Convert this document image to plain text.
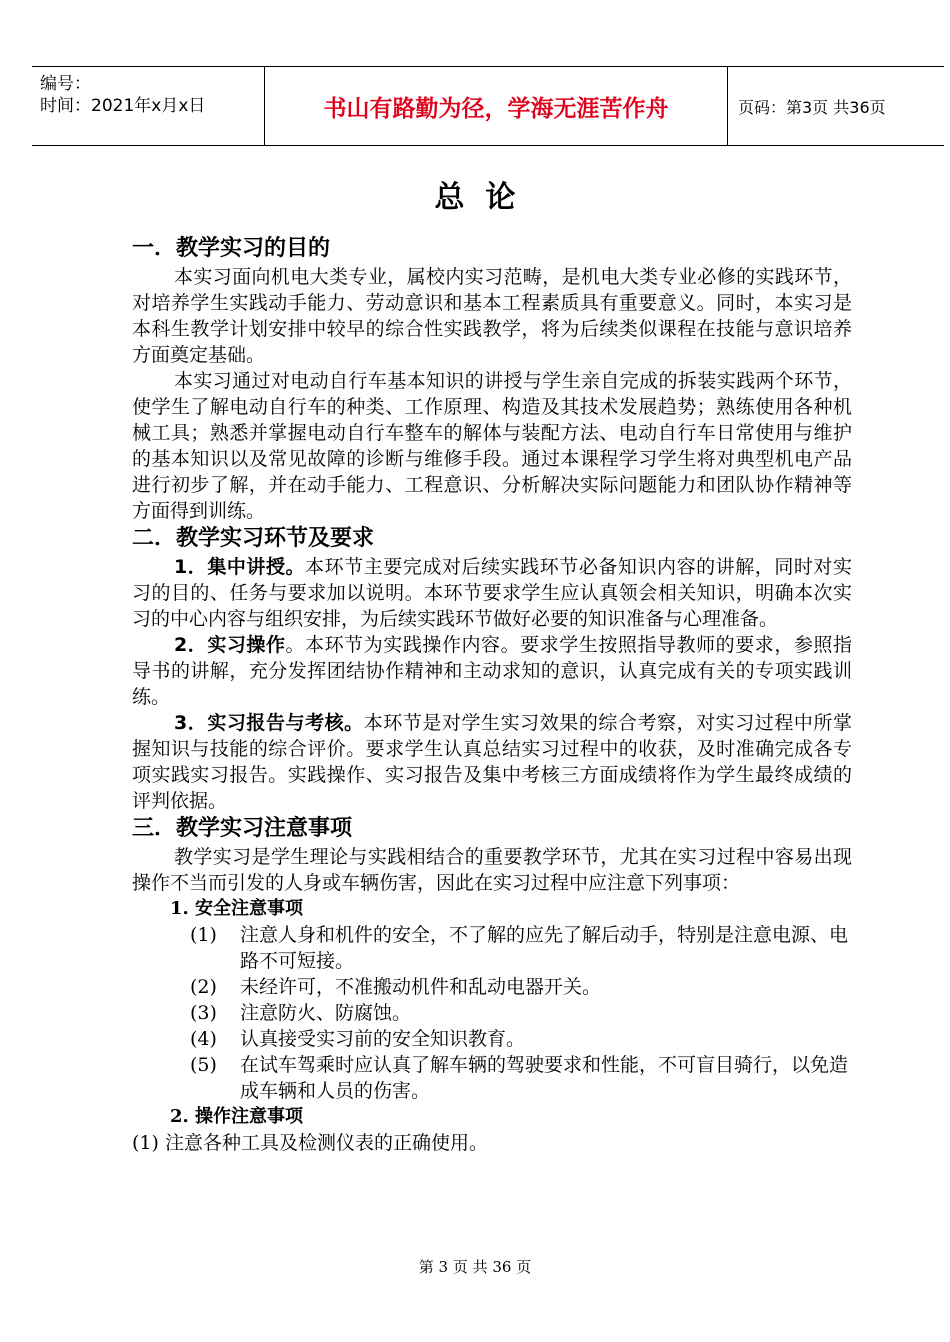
编号：
时间：2021年x月x日	书山有路勤为径，学海无涯苦作舟	页码：第3页 共36页
总  论
一．教学实习的目的

本实习面向机电大类专业，属校内实习范畴，是机电大类专业必修的实践环节，对培养学生实践动手能力、劳动意识和基本工程素质具有重要意义。同时，本实习是本科生教学计划安排中较早的综合性实践教学，将为后续类似课程在技能与意识培养方面奠定基础。

本实习通过对电动自行车基本知识的讲授与学生亲自完成的拆装实践两个环节，使学生了解电动自行车的种类、工作原理、构造及其技术发展趋势；熟练使用各种机械工具；熟悉并掌握电动自行车整车的解体与装配方法、电动自行车日常使用与维护的基本知识以及常见故障的诊断与维修手段。通过本课程学习学生将对典型机电产品进行初步了解，并在动手能力、工程意识、分析解决实际问题能力和团队协作精神等方面得到训练。

二．教学实习环节及要求

1．集中讲授。本环节主要完成对后续实践环节必备知识内容的讲解，同时对实习的目的、任务与要求加以说明。本环节要求学生应认真领会相关知识，明确本次实习的中心内容与组织安排，为后续实践环节做好必要的知识准备与心理准备。

2．实习操作。本环节为实践操作内容。要求学生按照指导教师的要求，参照指导书的讲解，充分发挥团结协作精神和主动求知的意识，认真完成有关的专项实践训练。

3．实习报告与考核。本环节是对学生实习效果的综合考察，对实习过程中所掌握知识与技能的综合评价。要求学生认真总结实习过程中的收获，及时准确完成各专项实践实习报告。实践操作、实习报告及集中考核三方面成绩将作为学生最终成绩的评判依据。

三．教学实习注意事项

教学实习是学生理论与实践相结合的重要教学环节，尤其在实习过程中容易出现操作不当而引发的人身或车辆伤害，因此在实习过程中应注意下列事项：

1. 安全注意事项
(1)	注意人身和机件的安全，不了解的应先了解后动手，特别是注意电源、电路不可短接。
(2)	未经许可，不准搬动机件和乱动电器开关。
(3)	注意防火、防腐蚀。
(4)	认真接受实习前的安全知识教育。
(5)	在试车驾乘时应认真了解车辆的驾驶要求和性能，不可盲目骑行，以免造成车辆和人员的伤害。
2. 操作注意事项

(1) 注意各种工具及检测仪表的正确使用。

第 3 页 共 36 页
